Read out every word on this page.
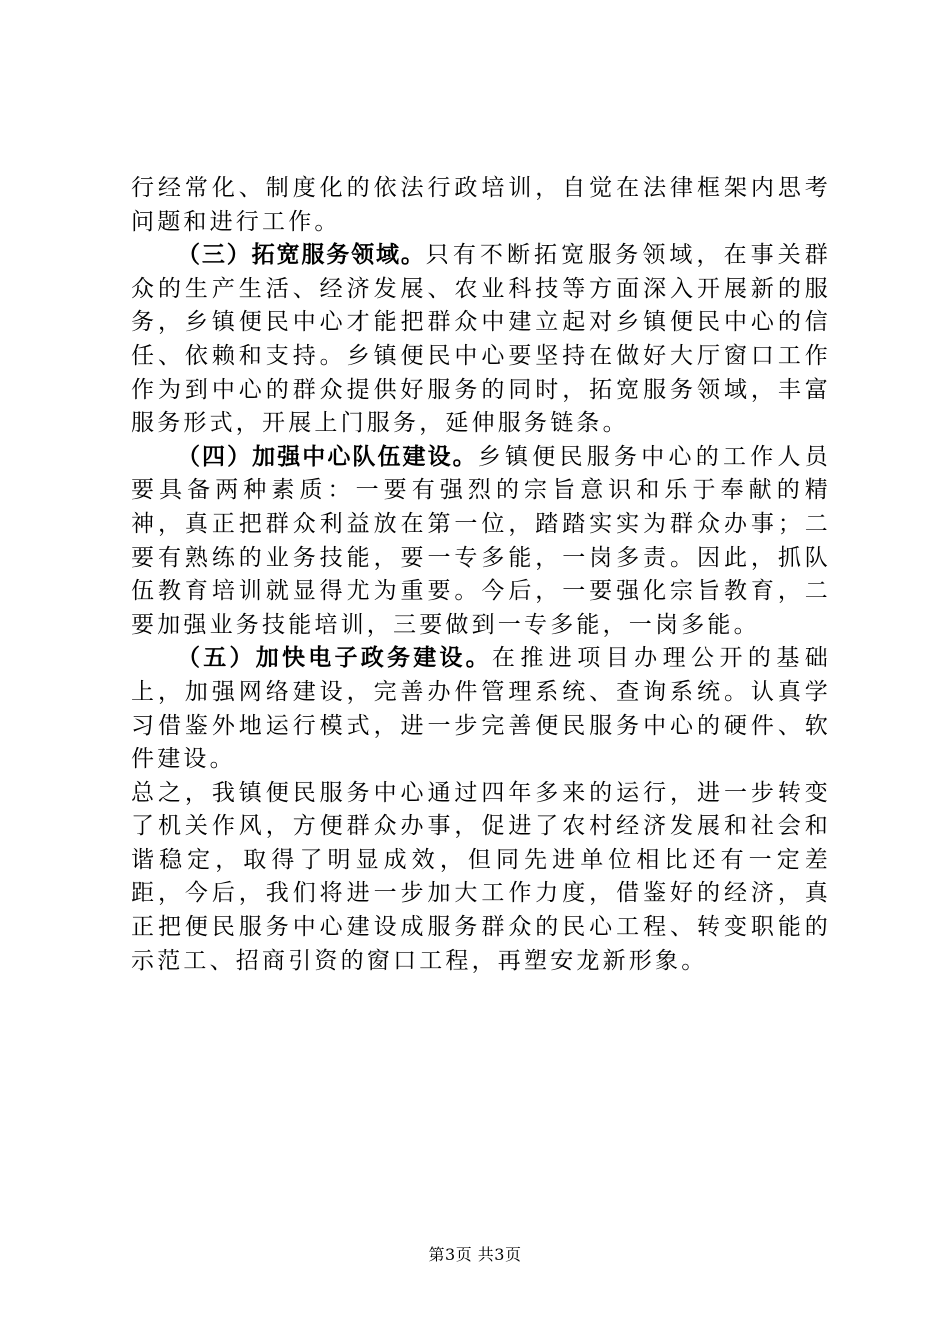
行经常化、制度化的依法行政培训，自觉在法律框架内思考问题和进行工作。

（三）拓宽服务领域。只有不断拓宽服务领域，在事关群众的生产生活、经济发展、农业科技等方面深入开展新的服务，乡镇便民中心才能把群众中建立起对乡镇便民中心的信任、依赖和支持。乡镇便民中心要坚持在做好大厅窗口工作作为到中心的群众提供好服务的同时，拓宽服务领域，丰富服务形式，开展上门服务，延伸服务链条。

（四）加强中心队伍建设。乡镇便民服务中心的工作人员要具备两种素质：一要有强烈的宗旨意识和乐于奉献的精神，真正把群众利益放在第一位，踏踏实实为群众办事；二要有熟练的业务技能，要一专多能，一岗多责。因此，抓队伍教育培训就显得尤为重要。今后，一要强化宗旨教育，二要加强业务技能培训，三要做到一专多能，一岗多能。

（五）加快电子政务建设。在推进项目办理公开的基础上，加强网络建设，完善办件管理系统、查询系统。认真学习借鉴外地运行模式，进一步完善便民服务中心的硬件、软件建设。

总之，我镇便民服务中心通过四年多来的运行，进一步转变了机关作风，方便群众办事，促进了农村经济发展和社会和谐稳定，取得了明显成效，但同先进单位相比还有一定差距，今后，我们将进一步加大工作力度，借鉴好的经济，真正把便民服务中心建设成服务群众的民心工程、转变职能的示范工、招商引资的窗口工程，再塑安龙新形象。

第3页 共3页
